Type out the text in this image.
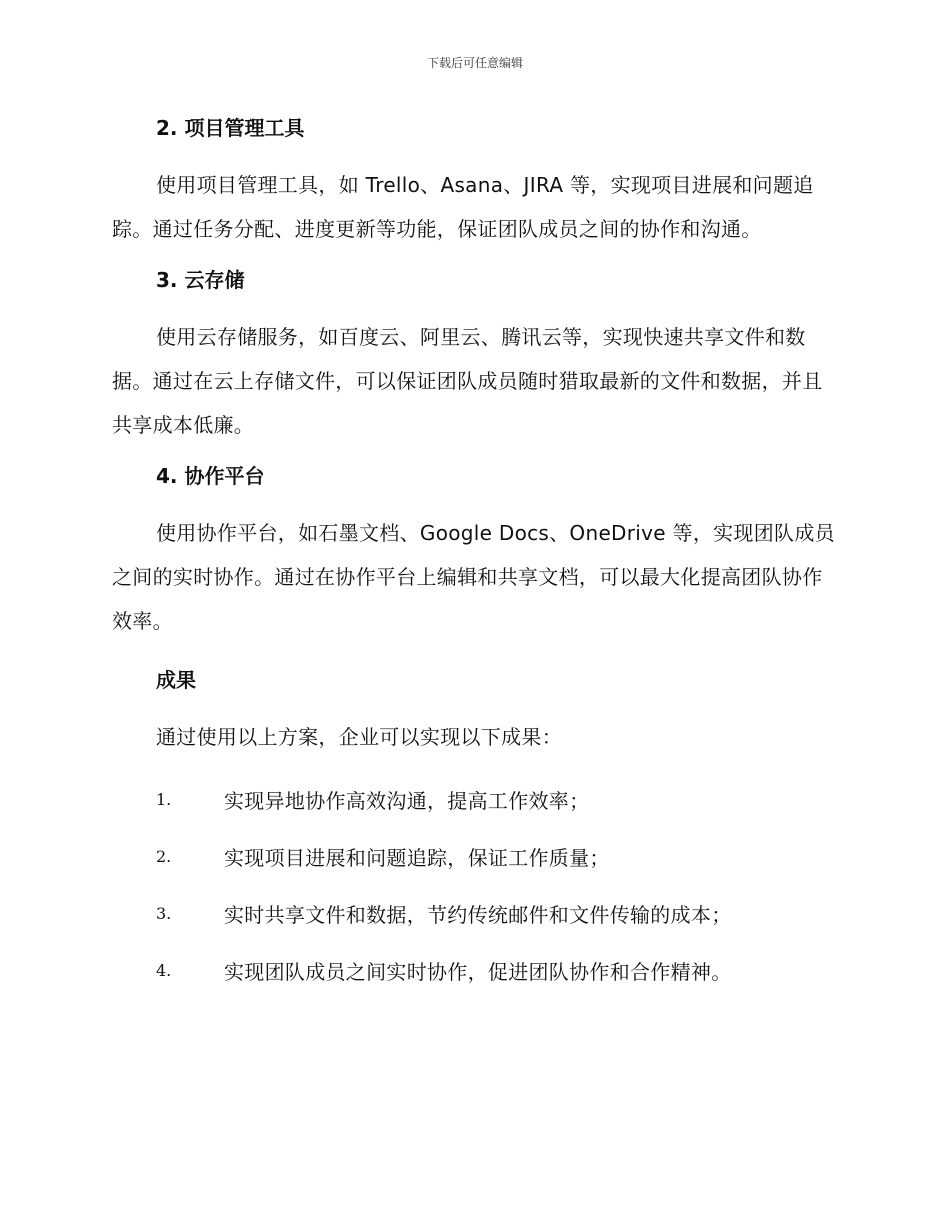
下载后可任意编辑
2. 项目管理工具

使用项目管理工具，如 Trello、Asana、JIRA 等，实现项目进展和问题追踪。通过任务分配、进度更新等功能，保证团队成员之间的协作和沟通。

3. 云存储

使用云存储服务，如百度云、阿里云、腾讯云等，实现快速共享文件和数据。通过在云上存储文件，可以保证团队成员随时猎取最新的文件和数据，并且共享成本低廉。

4. 协作平台

使用协作平台，如石墨文档、Google Docs、OneDrive 等，实现团队成员之间的实时协作。通过在协作平台上编辑和共享文档，可以最大化提高团队协作效率。

成果

通过使用以上方案，企业可以实现以下成果：

1.	实现异地协作高效沟通，提高工作效率；
2.	实现项目进展和问题追踪，保证工作质量；
3.	实时共享文件和数据，节约传统邮件和文件传输的成本；
4.	实现团队成员之间实时协作，促进团队协作和合作精神。
